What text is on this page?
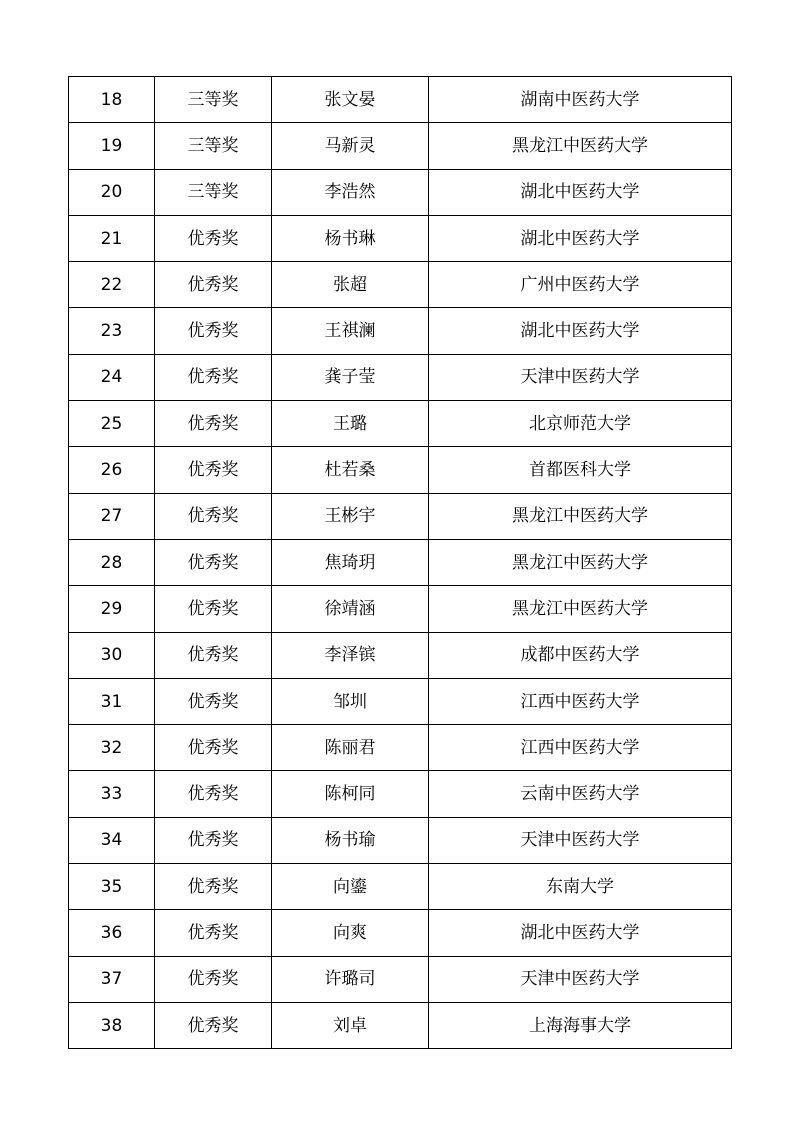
18	三等奖	张文晏	湖南中医药大学
19	三等奖	马新灵	黑龙江中医药大学
20	三等奖	李浩然	湖北中医药大学
21	优秀奖	杨书琳	湖北中医药大学
22	优秀奖	张超	广州中医药大学
23	优秀奖	王祺澜	湖北中医药大学
24	优秀奖	龚子莹	天津中医药大学
25	优秀奖	王璐	北京师范大学
26	优秀奖	杜若桑	首都医科大学
27	优秀奖	王彬宇	黑龙江中医药大学
28	优秀奖	焦琦玥	黑龙江中医药大学
29	优秀奖	徐靖涵	黑龙江中医药大学
30	优秀奖	李泽镔	成都中医药大学
31	优秀奖	邹圳	江西中医药大学
32	优秀奖	陈丽君	江西中医药大学
33	优秀奖	陈柯同	云南中医药大学
34	优秀奖	杨书瑜	天津中医药大学
35	优秀奖	向鎏	东南大学
36	优秀奖	向爽	湖北中医药大学
37	优秀奖	许璐司	天津中医药大学
38	优秀奖	刘卓	上海海事大学
